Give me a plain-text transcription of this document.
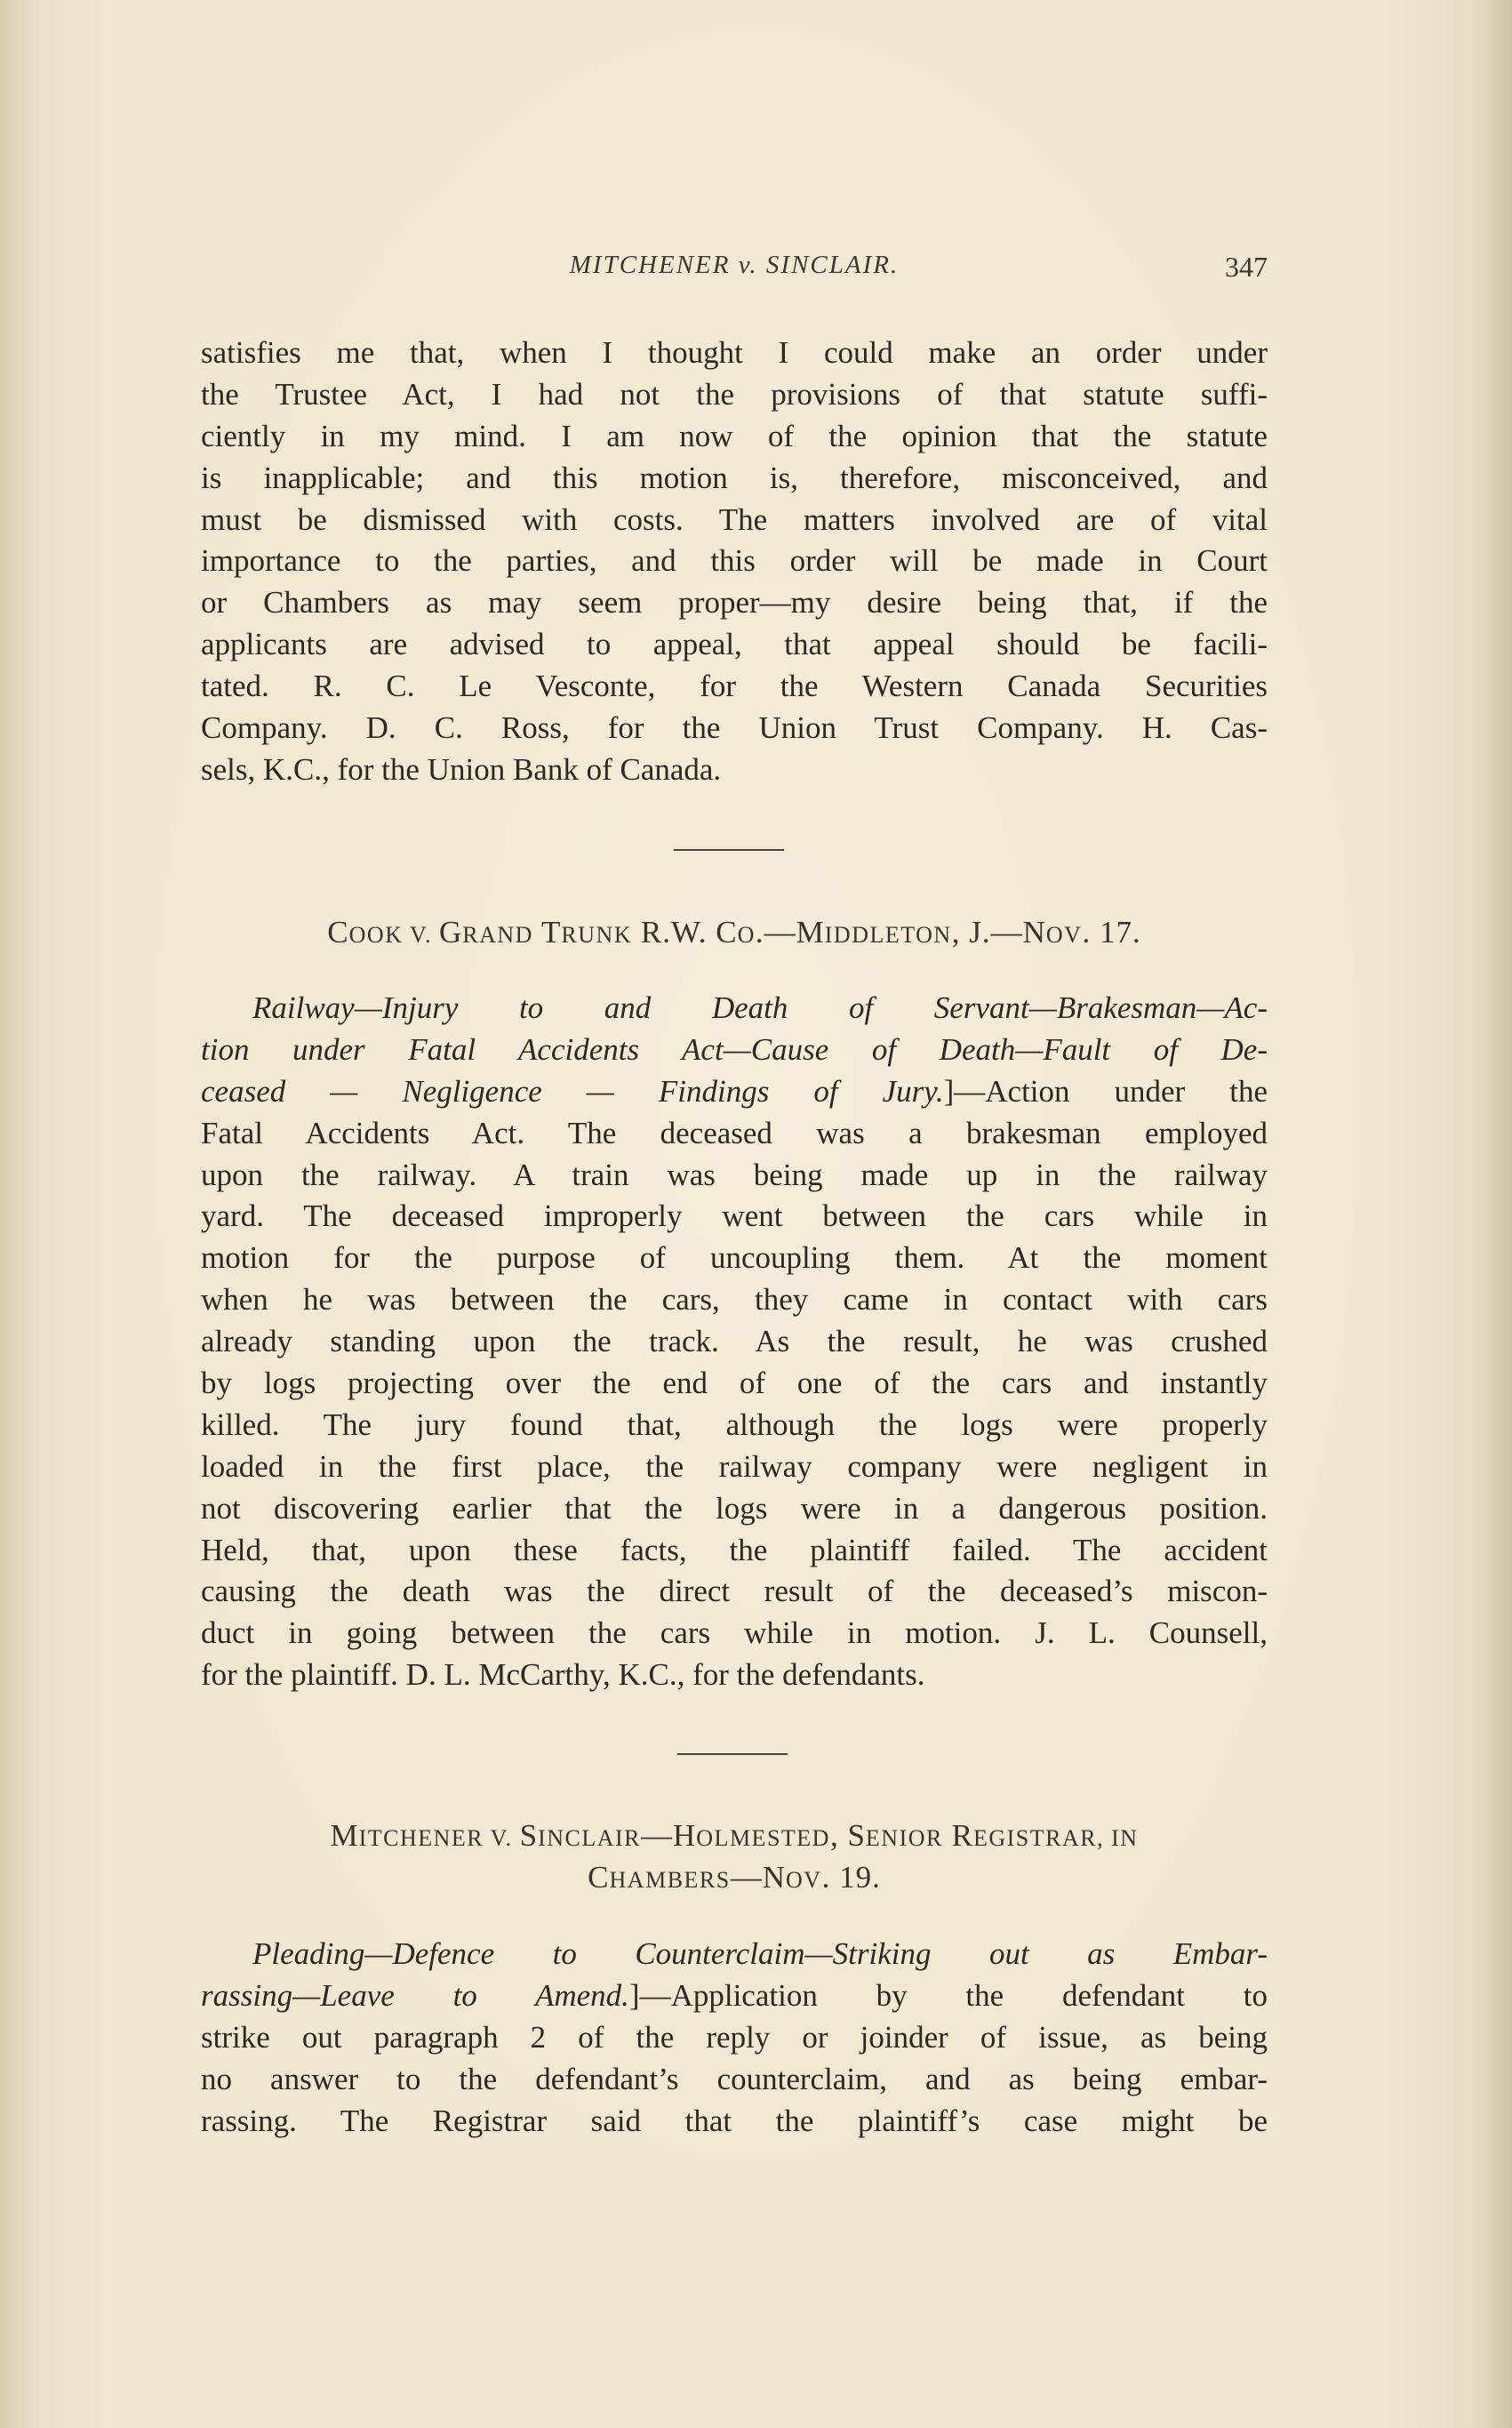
MITCHENER v. SINCLAIR.	347
satisfies me that, when I thought I could make an order under
the Trustee Act, I had not the provisions of that statute suffi-
ciently in my mind. I am now of the opinion that the statute
is inapplicable; and this motion is, therefore, misconceived, and
must be dismissed with costs. The matters involved are of vital
importance to the parties, and this order will be made in Court
or Chambers as may seem proper—my desire being that, if the
applicants are advised to appeal, that appeal should be facili-
tated. R. C. Le Vesconte, for the Western Canada Securities
Company. D. C. Ross, for the Union Trust Company. H. Cas-
sels, K.C., for the Union Bank of Canada.
COOK V. GRAND TRUNK R.W. CO.—MIDDLETON, J.—NOV. 17.
Railway—Injury to and Death of Servant—Brakesman—Ac-
tion under Fatal Accidents Act—Cause of Death—Fault of De-
ceased — Negligence — Findings of Jury.]—Action under the
Fatal Accidents Act. The deceased was a brakesman employed
upon the railway. A train was being made up in the railway
yard. The deceased improperly went between the cars while in
motion for the purpose of uncoupling them. At the moment
when he was between the cars, they came in contact with cars
already standing upon the track. As the result, he was crushed
by logs projecting over the end of one of the cars and instantly
killed. The jury found that, although the logs were properly
loaded in the first place, the railway company were negligent in
not discovering earlier that the logs were in a dangerous position.
Held, that, upon these facts, the plaintiff failed. The accident
causing the death was the direct result of the deceased’s miscon-
duct in going between the cars while in motion. J. L. Counsell,
for the plaintiff. D. L. McCarthy, K.C., for the defendants.
MITCHENER V. SINCLAIR—HOLMESTED, SENIOR REGISTRAR, IN
CHAMBERS—NOV. 19.
Pleading—Defence to Counterclaim—Striking out as Embar-
rassing—Leave to Amend.]—Application by the defendant to
strike out paragraph 2 of the reply or joinder of issue, as being
no answer to the defendant’s counterclaim, and as being embar-
rassing. The Registrar said that the plaintiff’s case might be
